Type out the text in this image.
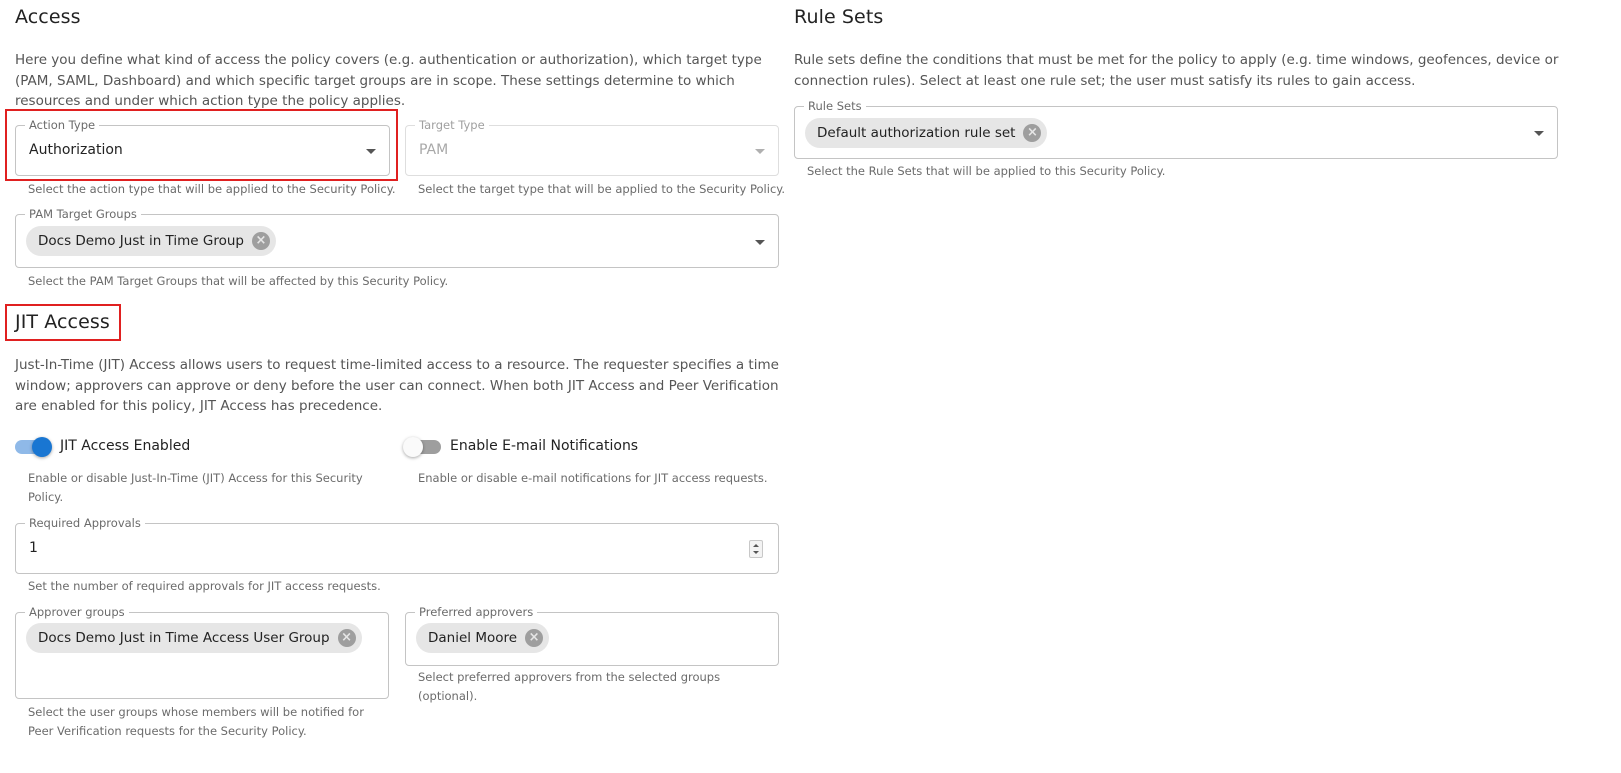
Access
Here you define what kind of access the policy covers (e.g. authentication or authorization), which target type (PAM, SAML, Dashboard) and which specific target groups are in scope. These settings determine to which resources and under which action type the policy applies.
Action Type
Authorization
Select the action type that will be applied to the Security Policy.
Target Type
PAM
Select the target type that will be applied to the Security Policy.
PAM Target Groups
Docs Demo Just in Time Group ×
Select the PAM Target Groups that will be affected by this Security Policy.
JIT Access
Just-In-Time (JIT) Access allows users to request time-limited access to a resource. The requester specifies a time window; approvers can approve or deny before the user can connect. When both JIT Access and Peer Verification are enabled for this policy, JIT Access has precedence.
JIT Access Enabled
Enable or disable Just-In-Time (JIT) Access for this Security Policy.
Enable E-mail Notifications
Enable or disable e-mail notifications for JIT access requests.
Required Approvals
1
Set the number of required approvals for JIT access requests.
Approver groups
Docs Demo Just in Time Access User Group ×
Select the user groups whose members will be notified for Peer Verification requests for the Security Policy.
Preferred approvers
Daniel Moore ×
Select preferred approvers from the selected groups (optional).
Rule Sets
Rule sets define the conditions that must be met for the policy to apply (e.g. time windows, geofences, device or connection rules). Select at least one rule set; the user must satisfy its rules to gain access.
Rule Sets
Default authorization rule set ×
Select the Rule Sets that will be applied to this Security Policy.
